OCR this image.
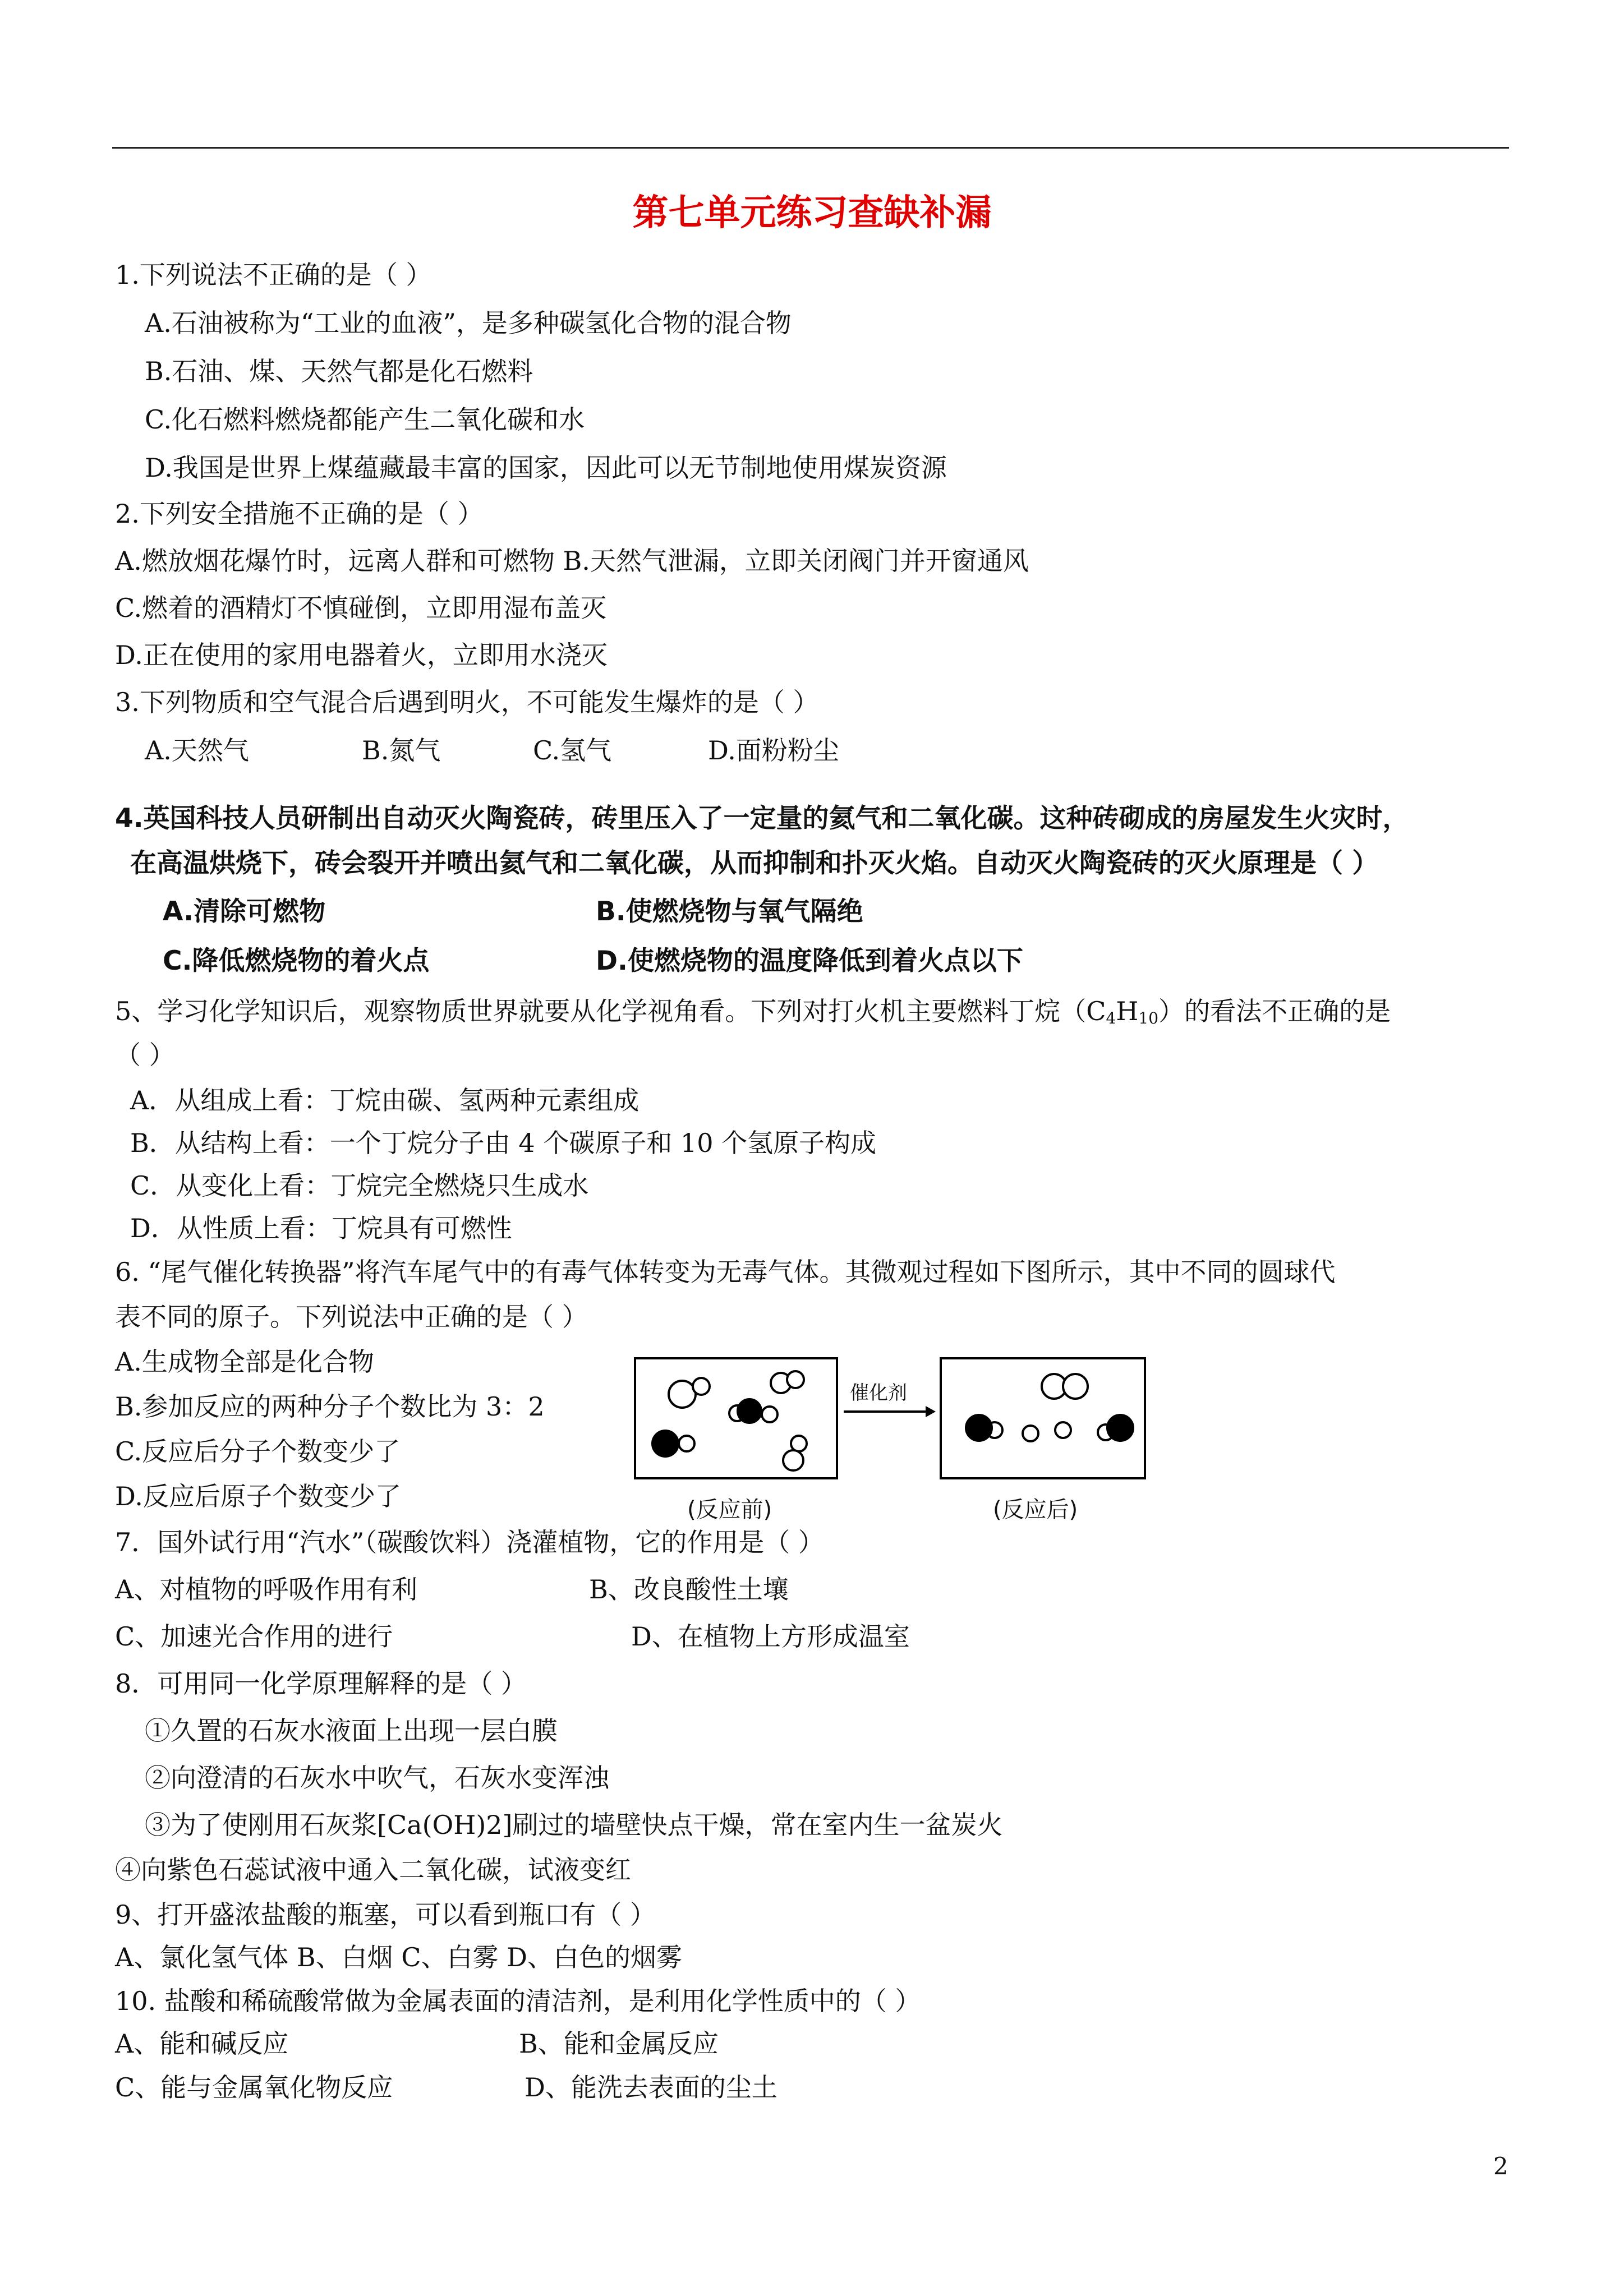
第七单元练习查缺补漏
1.下列说法不正确的是（ ）
A.石油被称为“工业的血液”，是多种碳氢化合物的混合物
B.石油、煤、天然气都是化石燃料
C.化石燃料燃烧都能产生二氧化碳和水
D.我国是世界上煤蕴藏最丰富的国家，因此可以无节制地使用煤炭资源
2.下列安全措施不正确的是（ ）
A.燃放烟花爆竹时，远离人群和可燃物 B.天然气泄漏，立即关闭阀门并开窗通风
C.燃着的酒精灯不慎碰倒，立即用湿布盖灭
D.正在使用的家用电器着火，立即用水浇灭
3.下列物质和空气混合后遇到明火，不可能发生爆炸的是（ ）
A.天然气	B.氮气	C.氢气	D.面粉粉尘
4.英国科技人员研制出自动灭火陶瓷砖，砖里压入了一定量的氦气和二氧化碳。这种砖砌成的房屋发生火灾时，
在高温烘烧下，砖会裂开并喷出氦气和二氧化碳，从而抑制和扑灭火焰。自动灭火陶瓷砖的灭火原理是（ ）
A.清除可燃物	B.使燃烧物与氧气隔绝
C.降低燃烧物的着火点	D.使燃烧物的温度降低到着火点以下
5、学习化学知识后，观察物质世界就要从化学视角看。下列对打火机主要燃料丁烷$(C_4H_{10})$的看法不正确的是
（ ）
A．从组成上看：丁烷由碳、氢两种元素组成
B．从结构上看：一个丁烷分子由 4 个碳原子和 10 个氢原子构成
C．从变化上看：丁烷完全燃烧只生成水
D．从性质上看：丁烷具有可燃性
6. “尾气催化转换器”将汽车尾气中的有毒气体转变为无毒气体。其微观过程如下图所示，其中不同的圆球代
表不同的原子。下列说法中正确的是（ ）
A.生成物全部是化合物
B.参加反应的两种分子个数比为 3：2
C.反应后分子个数变少了
D.反应后原子个数变少了
催化剂
(反应前)	(反应后)
7．国外试行用“汽水”（碳酸饮料）浇灌植物，它的作用是（ ）
A、对植物的呼吸作用有利	B、改良酸性土壤
C、加速光合作用的进行	D、在植物上方形成温室
8．可用同一化学原理解释的是（ ）
①久置的石灰水液面上出现一层白膜
②向澄清的石灰水中吹气，石灰水变浑浊
③为了使刚用石灰浆[Ca(OH)2]刷过的墙壁快点干燥，常在室内生一盆炭火
④向紫色石蕊试液中通入二氧化碳，试液变红
9、打开盛浓盐酸的瓶塞，可以看到瓶口有（ ）
A、氯化氢气体 B、白烟 C、白雾 D、白色的烟雾
10. 盐酸和稀硫酸常做为金属表面的清洁剂，是利用化学性质中的（ ）
A、能和碱反应	B、能和金属反应
C、能与金属氧化物反应	D、能洗去表面的尘土
2
